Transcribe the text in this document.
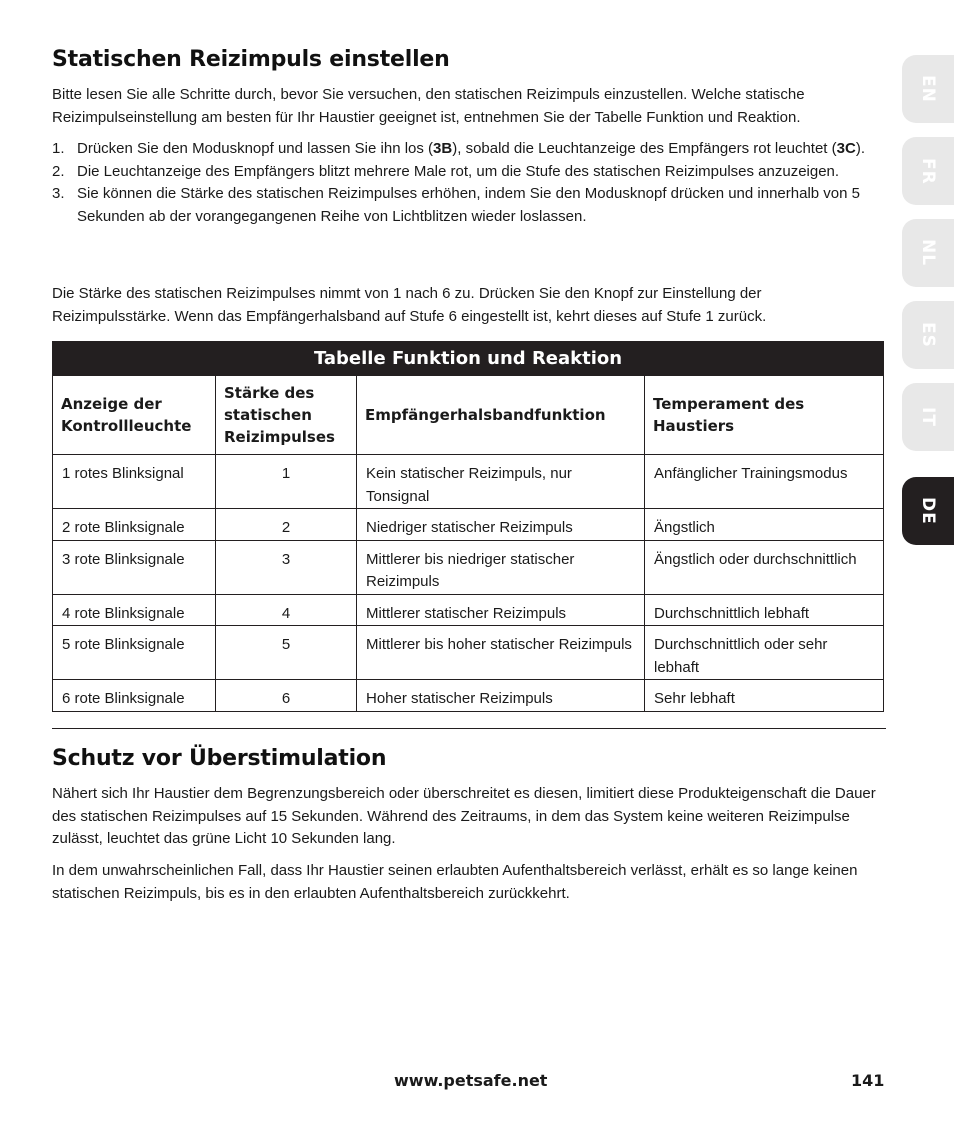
Statischen Reizimpuls einstellen

Bitte lesen Sie alle Schritte durch, bevor Sie versuchen, den statischen Reizimpuls einzustellen. Welche statische Reizimpulseinstellung am besten für Ihr Haustier geeignet ist, entnehmen Sie der Tabelle Funktion und Reaktion.

1. Drücken Sie den Modusknopf und lassen Sie ihn los (3B), sobald die Leuchtanzeige des Empfängers rot leuchtet (3C).
2. Die Leuchtanzeige des Empfängers blitzt mehrere Male rot, um die Stufe des statischen Reizimpulses anzuzeigen.
3. Sie können die Stärke des statischen Reizimpulses erhöhen, indem Sie den Modusknopf drücken und innerhalb von 5 Sekunden ab der vorangegangenen Reihe von Lichtblitzen wieder loslassen.

Die Stärke des statischen Reizimpulses nimmt von 1 nach 6 zu. Drücken Sie den Knopf zur Einstellung der Reizimpulsstärke. Wenn das Empfängerhalsband auf Stufe 6 eingestellt ist, kehrt dieses auf Stufe 1 zurück.

Tabelle Funktion und Reaktion			
Anzeige der Kontrollleuchte	Stärke des statischen Reizimpulses	Empfängerhalsbandfunktion	Temperament des Haustiers
1 rotes Blinksignal	1	Kein statischer Reizimpuls, nur Tonsignal	Anfänglicher Trainingsmodus
2 rote Blinksignale	2	Niedriger statischer Reizimpuls	Ängstlich
3 rote Blinksignale	3	Mittlerer bis niedriger statischer Reizimpuls	Ängstlich oder durchschnittlich
4 rote Blinksignale	4	Mittlerer statischer Reizimpuls	Durchschnittlich lebhaft
5 rote Blinksignale	5	Mittlerer bis hoher statischer Reizimpuls	Durchschnittlich oder sehr lebhaft
6 rote Blinksignale	6	Hoher statischer Reizimpuls	Sehr lebhaft
Schutz vor Überstimulation

Nähert sich Ihr Haustier dem Begrenzungsbereich oder überschreitet es diesen, limitiert diese Produkteigenschaft die Dauer des statischen Reizimpulses auf 15 Sekunden. Während des Zeitraums, in dem das System keine weiteren Reizimpulse zulässt, leuchtet das grüne Licht 10 Sekunden lang.

In dem unwahrscheinlichen Fall, dass Ihr Haustier seinen erlaubten Aufenthaltsbereich verlässt, erhält es so lange keinen statischen Reizimpuls, bis es in den erlaubten Aufenthaltsbereich zurückkehrt.

EN
FR
NL
ES
IT
DE
www.petsafe.net	141
